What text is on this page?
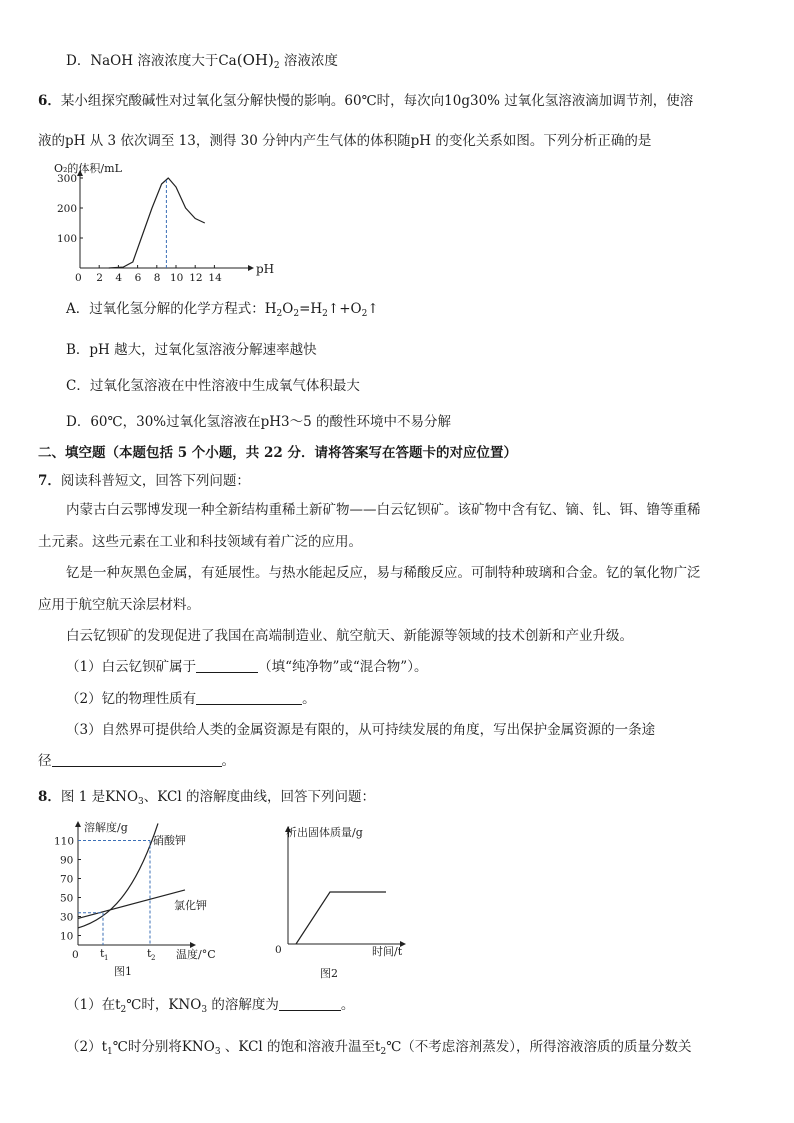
D．NaOH 溶液浓度大于$Ca(OH)_2$ 溶液浓度
6．某小组探究酸碱性对过氧化氢分解快慢的影响。60℃时，每次向10g30% 过氧化氢溶液滴加调节剂，使溶
液的pH 从 3 依次调至 13，测得 30 分钟内产生气体的体积随pH 的变化关系如图。下列分析正确的是
O₂的体积/mL
pH
0 2 4 6 8 10 12 14
100
200
300
A．过氧化氢分解的化学方程式：$H_2O_2=H_2↑+O_2↑$
B．pH 越大，过氧化氢溶液分解速率越快
C．过氧化氢溶液在中性溶液中生成氧气体积最大
D．60℃，30%过氧化氢溶液在pH3～5 的酸性环境中不易分解
二、填空题（本题包括 5 个小题，共 22 分．请将答案写在答题卡的对应位置）
7．阅读科普短文，回答下列问题：
内蒙古白云鄂博发现一种全新结构重稀土新矿物——白云钇钡矿。该矿物中含有钇、镝、钆、铒、镥等重稀
土元素。这些元素在工业和科技领域有着广泛的应用。
钇是一种灰黑色金属，有延展性。与热水能起反应，易与稀酸反应。可制特种玻璃和合金。钇的氧化物广泛
应用于航空航天涂层材料。
白云钇钡矿的发现促进了我国在高端制造业、航空航天、新能源等领域的技术创新和产业升级。
（1）白云钇钡矿属于	（填“纯净物”或“混合物”）。
（2）钇的物理性质有	。
（3）自然界可提供给人类的金属资源是有限的，从可持续发展的角度，写出保护金属资源的一条途
径	。
8．图 1 是$KNO_3$、KCl 的溶解度曲线，回答下列问题：
溶解度/g
温度/°C
0
10
30
50
70
90
110	硝酸钾
氯化钾
t 1	t 2
图1
析出固体质量/g
时间/t
0
图2
（1）在$t_2℃$时，$KNO_3$ 的溶解度为	。
$(2)t_1℃$时分别将$KNO_3$ 、KCl 的饱和溶液升温至$t_2℃$（不考虑溶剂蒸发），所得溶液溶质的质量分数关
